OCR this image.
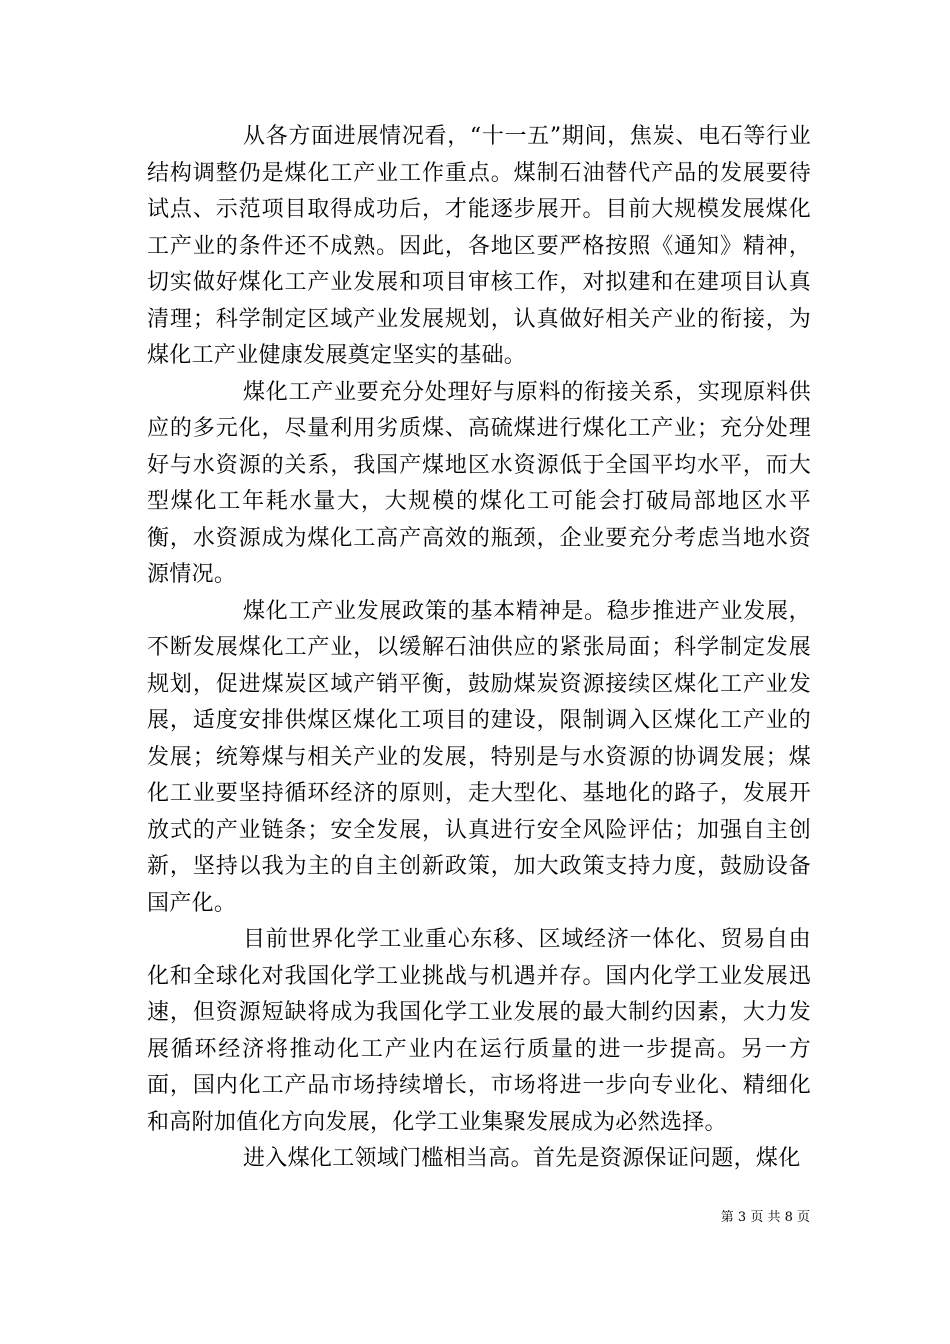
从各方面进展情况看，“十一五”期间，焦炭、电石等行业结构调整仍是煤化工产业工作重点。煤制石油替代产品的发展要待试点、示范项目取得成功后，才能逐步展开。目前大规模发展煤化工产业的条件还不成熟。因此，各地区要严格按照《通知》精神，切实做好煤化工产业发展和项目审核工作，对拟建和在建项目认真清理；科学制定区域产业发展规划，认真做好相关产业的衔接，为煤化工产业健康发展奠定坚实的基础。

煤化工产业要充分处理好与原料的衔接关系，实现原料供应的多元化，尽量利用劣质煤、高硫煤进行煤化工产业；充分处理好与水资源的关系，我国产煤地区水资源低于全国平均水平，而大型煤化工年耗水量大，大规模的煤化工可能会打破局部地区水平衡，水资源成为煤化工高产高效的瓶颈，企业要充分考虑当地水资源情况。

煤化工产业发展政策的基本精神是。稳步推进产业发展，不断发展煤化工产业，以缓解石油供应的紧张局面；科学制定发展规划，促进煤炭区域产销平衡，鼓励煤炭资源接续区煤化工产业发展，适度安排供煤区煤化工项目的建设，限制调入区煤化工产业的发展；统筹煤与相关产业的发展，特别是与水资源的协调发展；煤化工业要坚持循环经济的原则，走大型化、基地化的路子，发展开放式的产业链条；安全发展，认真进行安全风险评估；加强自主创新，坚持以我为主的自主创新政策，加大政策支持力度，鼓励设备国产化。

目前世界化学工业重心东移、区域经济一体化、贸易自由化和全球化对我国化学工业挑战与机遇并存。国内化学工业发展迅速，但资源短缺将成为我国化学工业发展的最大制约因素，大力发展循环经济将推动化工产业内在运行质量的进一步提高。另一方面，国内化工产品市场持续增长，市场将进一步向专业化、精细化和高附加值化方向发展，化学工业集聚发展成为必然选择。

进入煤化工领域门槛相当高。首先是资源保证问题，煤化

第 3 页 共 8 页
